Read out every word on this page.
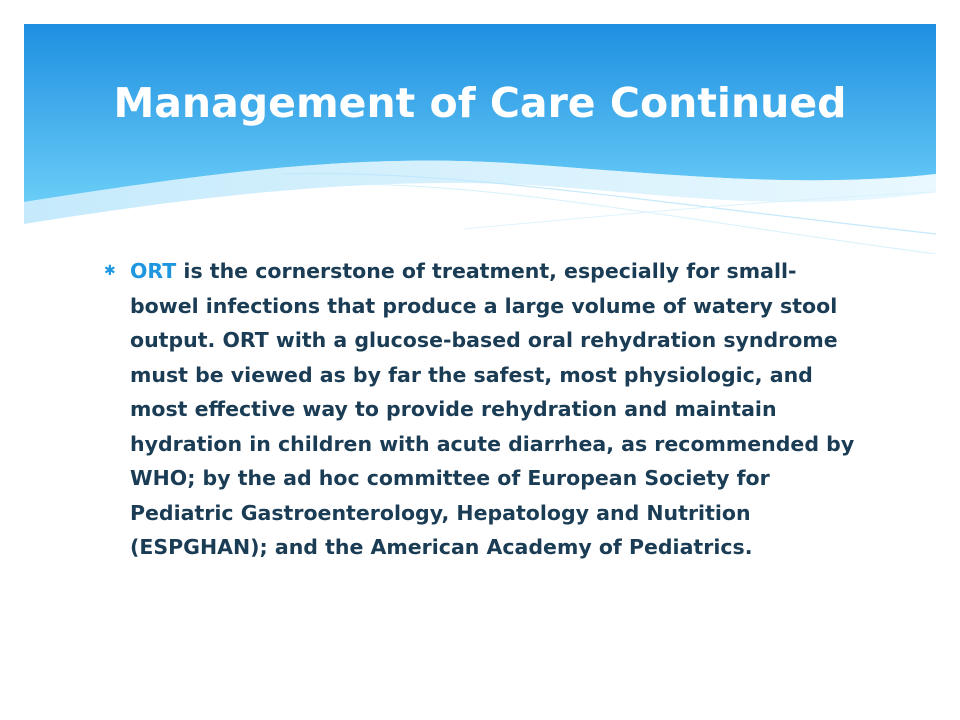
Management of Care Continued
✱ ORT is the cornerstone of treatment, especially for small-bowel infections that produce a large volume of watery stool output. ORT with a glucose-based oral rehydration syndrome must be viewed as by far the safest, most physiologic, and most effective way to provide rehydration and maintain hydration in children with acute diarrhea, as recommended by WHO; by the ad hoc committee of European Society for Pediatric Gastroenterology, Hepatology and Nutrition (ESPGHAN); and the American Academy of Pediatrics.
